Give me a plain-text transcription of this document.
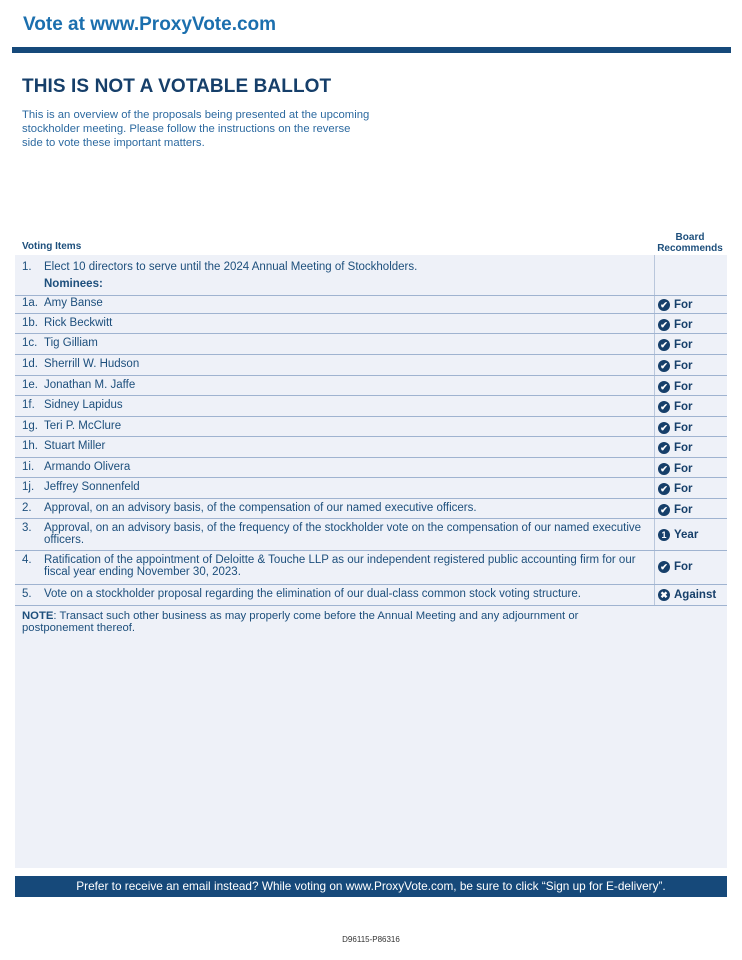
Vote at www.ProxyVote.com
THIS IS NOT A VOTABLE BALLOT
This is an overview of the proposals being presented at the upcoming stockholder meeting. Please follow the instructions on the reverse side to vote these important matters.
Voting Items
Board
Recommends
1. Elect 10 directors to serve until the 2024 Annual Meeting of Stockholders.
Nominees:
1a. Amy Banse	✔ For
1b. Rick Beckwitt	✔ For
1c. Tig Gilliam	✔ For
1d. Sherrill W. Hudson	✔ For
1e. Jonathan M. Jaffe	✔ For
1f. Sidney Lapidus	✔ For
1g. Teri P. McClure	✔ For
1h. Stuart Miller	✔ For
1i. Armando Olivera	✔ For
1j. Jeffrey Sonnenfeld	✔ For
2. Approval, on an advisory basis, of the compensation of our named executive officers.	✔ For
3. Approval, on an advisory basis, of the frequency of the stockholder vote on the compensation of our named executive officers.	1 Year
4. Ratification of the appointment of Deloitte & Touche LLP as our independent registered public accounting firm for our fiscal year ending November 30, 2023.	✔ For
5. Vote on a stockholder proposal regarding the elimination of our dual-class common stock voting structure.	✖ Against
NOTE: Transact such other business as may properly come before the Annual Meeting and any adjournment or postponement thereof.
Prefer to receive an email instead? While voting on www.ProxyVote.com, be sure to click “Sign up for E-delivery”.
D96115-P86316
